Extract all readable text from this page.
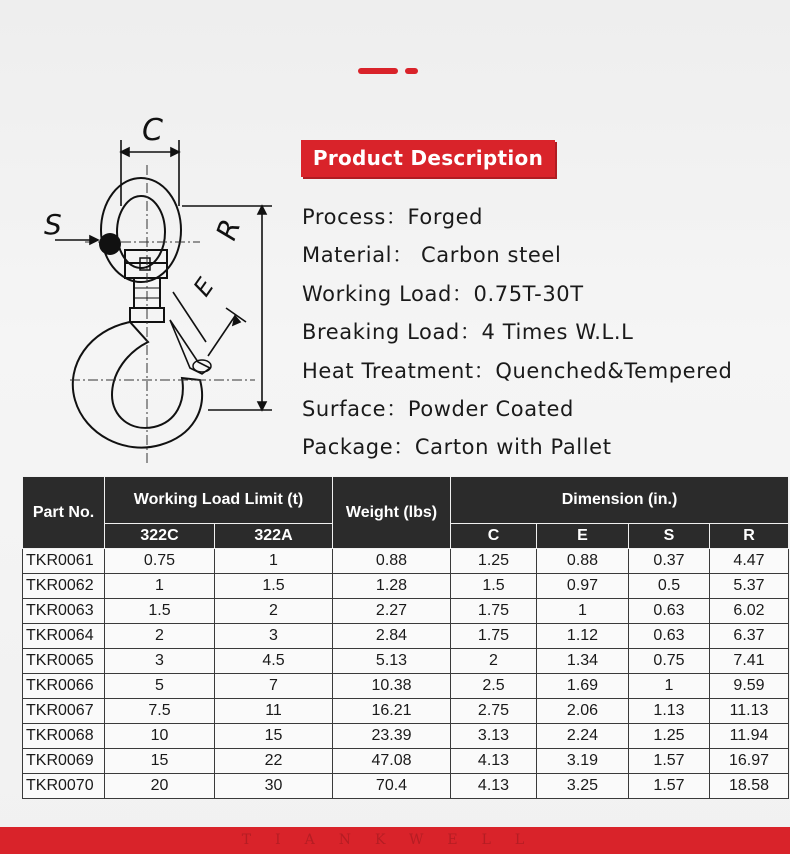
C
S	R
E
Product Description
Process：Forged
Material： Carbon steel
Working Load：0.75T-30T
Breaking Load：4 Times W.L.L
Heat Treatment：Quenched&Tempered
Surface：Powder Coated
Package：Carton with Pallet
Part No.	Working Load Limit (t)		Weight (lbs)	Dimension (in.)			
	322C	322A		C	E	S	R
TKR0061	0.75	1	0.88	1.25	0.88	0.37	4.47
TKR0062	1	1.5	1.28	1.5	0.97	0.5	5.37
TKR0063	1.5	2	2.27	1.75	1	0.63	6.02
TKR0064	2	3	2.84	1.75	1.12	0.63	6.37
TKR0065	3	4.5	5.13	2	1.34	0.75	7.41
TKR0066	5	7	10.38	2.5	1.69	1	9.59
TKR0067	7.5	11	16.21	2.75	2.06	1.13	11.13
TKR0068	10	15	23.39	3.13	2.24	1.25	11.94
TKR0069	15	22	47.08	4.13	3.19	1.57	16.97
TKR0070	20	30	70.4	4.13	3.25	1.57	18.58
TIANKWELL
